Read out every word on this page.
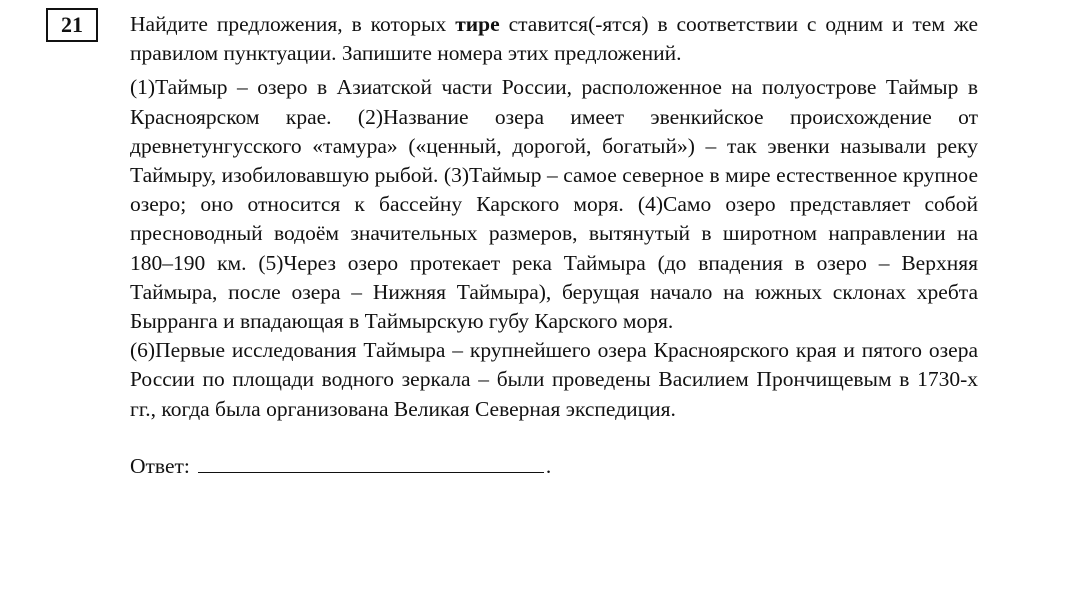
21 Найдите предложения, в которых тире ставится(-ятся) в соответствии с одним и тем же правилом пунктуации. Запишите номера этих предложений.

(1)Таймыр – озеро в Азиатской части России, расположенное на полуострове Таймыр в Красноярском крае. (2)Название озера имеет эвенкийское происхождение от древнетунгусского «тамура» («ценный, дорогой, богатый») – так эвенки называли реку Таймыру, изобиловавшую рыбой. (3)Таймыр – самое северное в мире естественное крупное озеро; оно относится к бассейну Карского моря. (4)Само озеро представляет собой пресноводный водоём значительных размеров, вытянутый в широтном направлении на 180–190 км. (5)Через озеро протекает река Таймыра (до впадения в озеро – Верхняя Таймыра, после озера – Нижняя Таймыра), берущая начало на южных склонах хребта Бырранга и впадающая в Таймырскую губу Карского моря.

(6)Первые исследования Таймыра – крупнейшего озера Красноярского края и пятого озера России по площади водного зеркала – были проведены Василием Прончищевым в 1730-х гг., когда была организована Великая Северная экспедиция.

Ответ:	.
